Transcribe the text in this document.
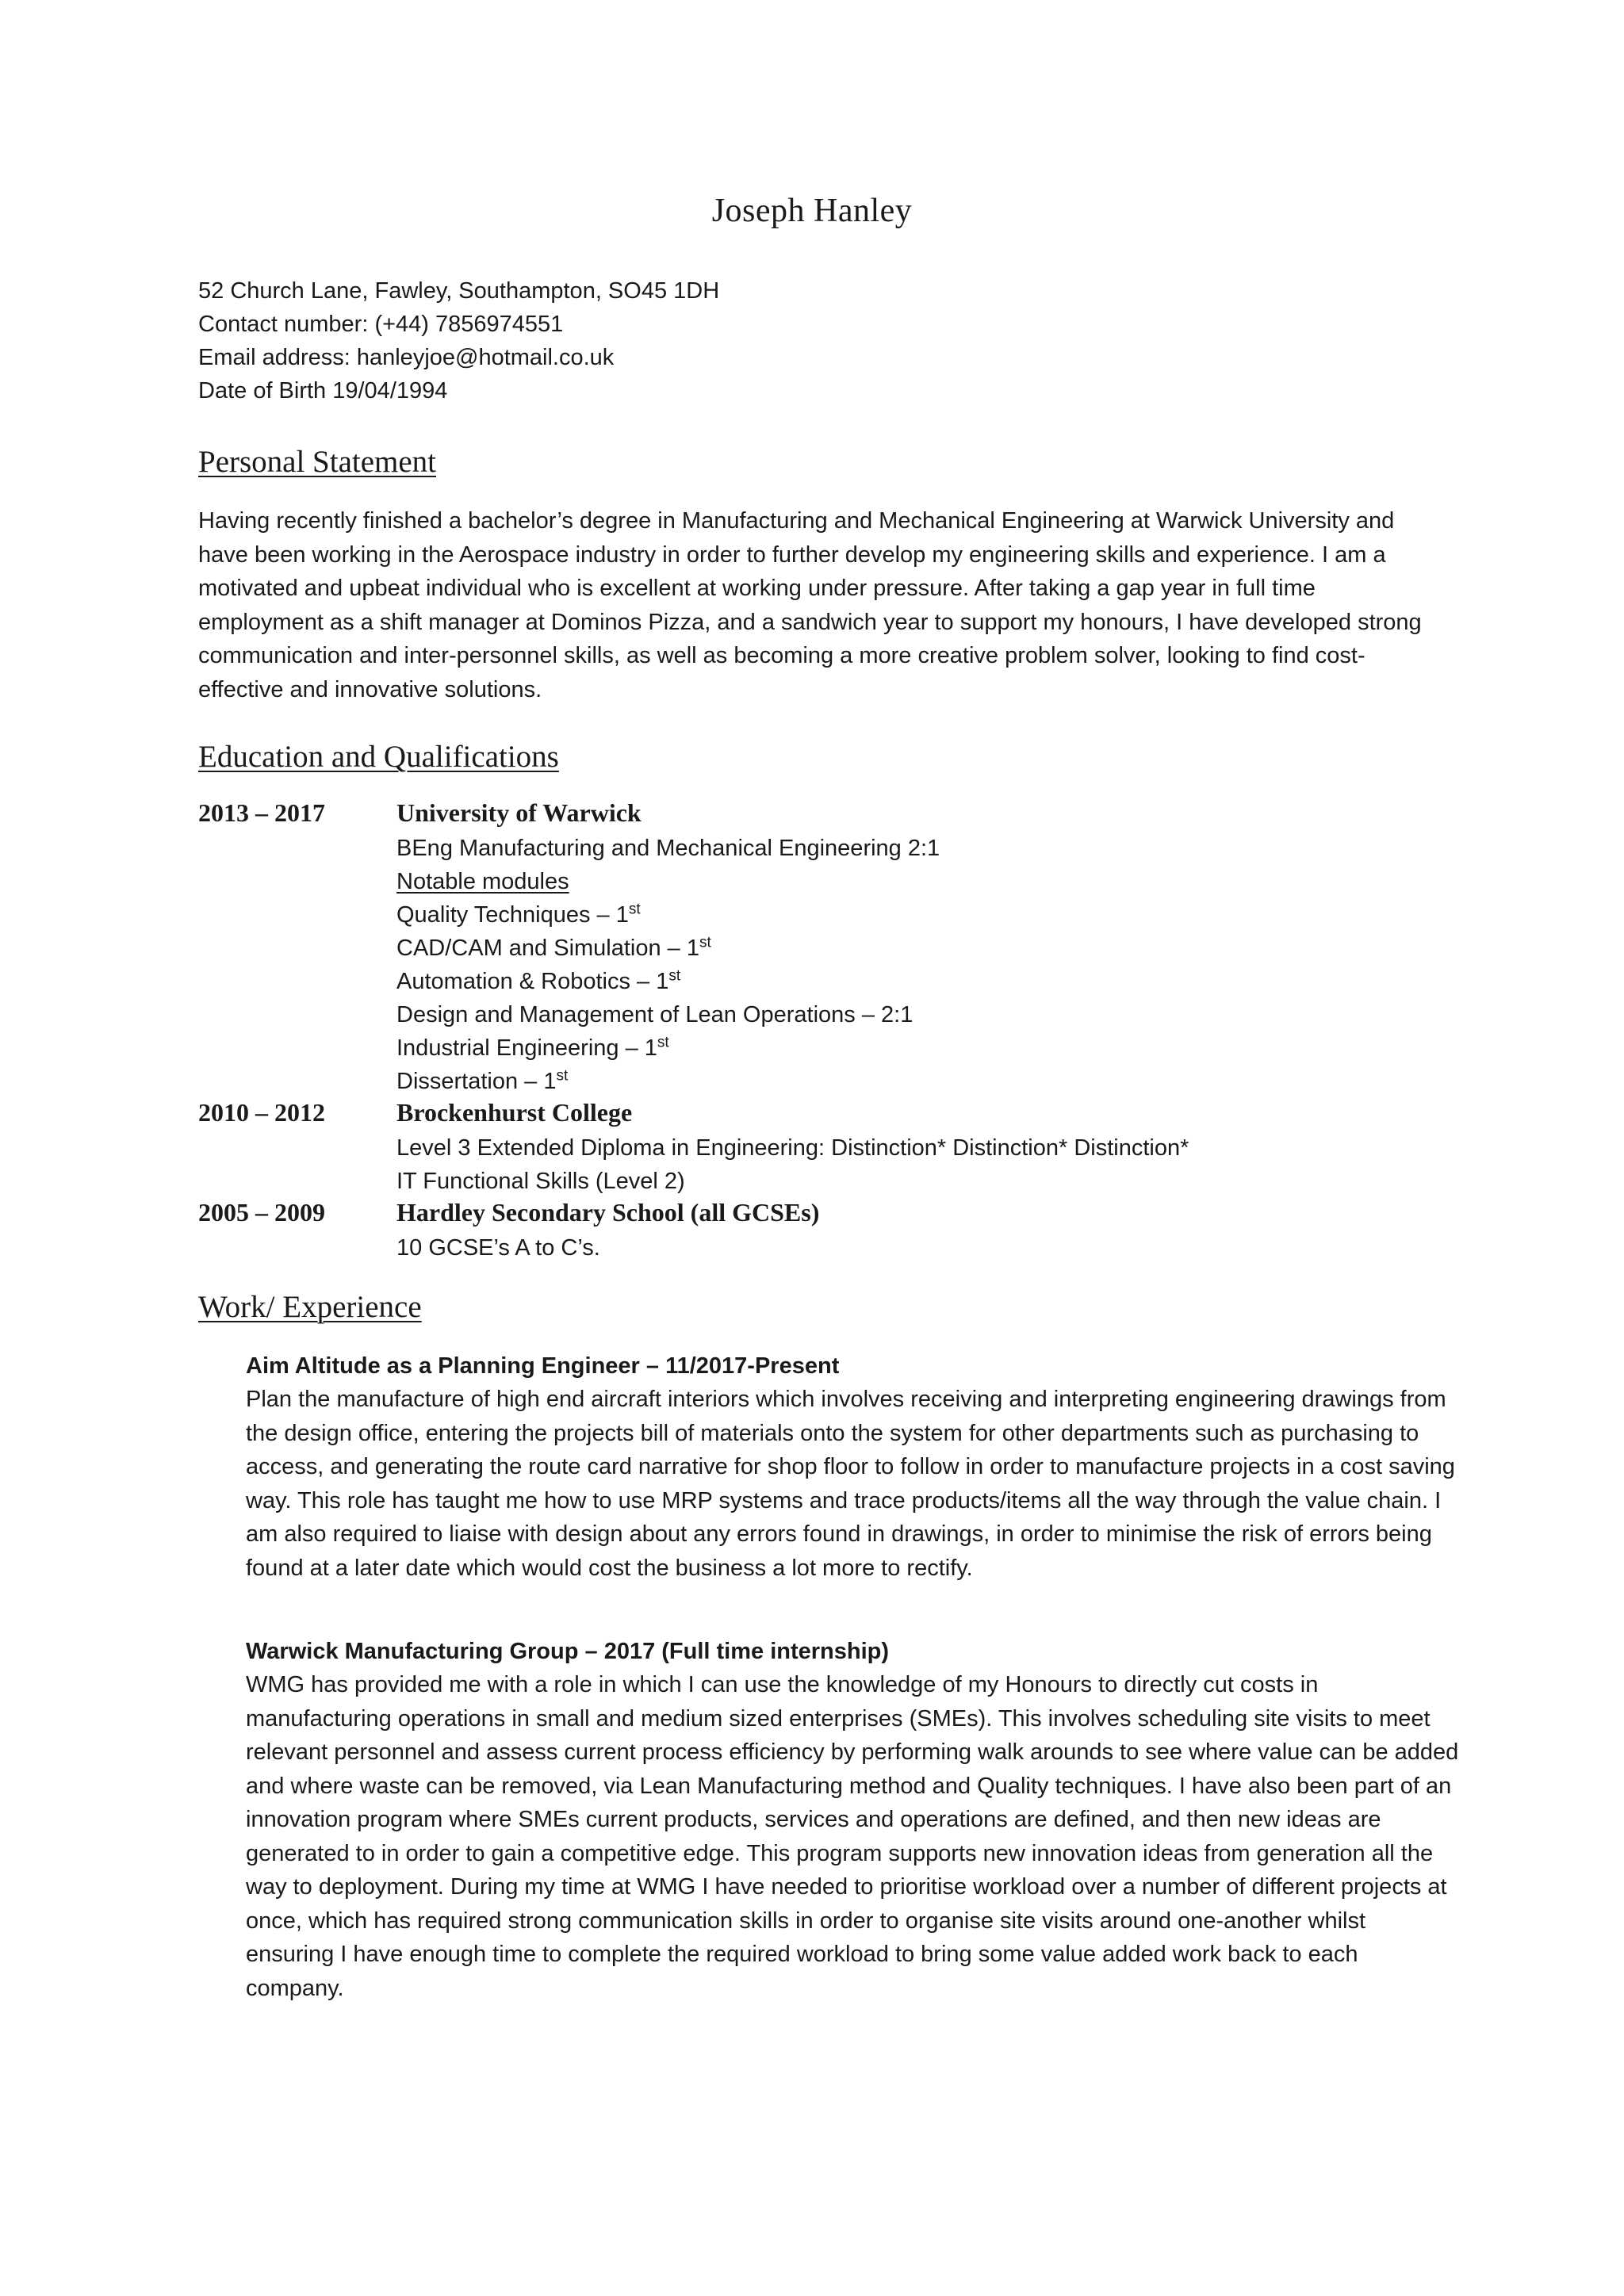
Joseph Hanley
52 Church Lane, Fawley, Southampton, SO45 1DH
Contact number: (+44) 7856974551
Email address: hanleyjoe@hotmail.co.uk
Date of Birth 19/04/1994
Personal Statement

Having recently finished a bachelor’s degree in Manufacturing and Mechanical Engineering at Warwick University and have been working in the Aerospace industry in order to further develop my engineering skills and experience. I am a motivated and upbeat individual who is excellent at working under pressure. After taking a gap year in full time employment as a shift manager at Dominos Pizza, and a sandwich year to support my honours, I have developed strong communication and inter-personnel skills, as well as becoming a more creative problem solver, looking to find cost-effective and innovative solutions.

Education and Qualifications
2013 – 2017	University of Warwick
BEng Manufacturing and Mechanical Engineering 2:1
Notable modules
Quality Techniques – 1st
CAD/CAM and Simulation – 1st
Automation & Robotics – 1st
Design and Management of Lean Operations – 2:1
Industrial Engineering – 1st
Dissertation – 1st
2010 – 2012	Brockenhurst College
Level 3 Extended Diploma in Engineering: Distinction* Distinction* Distinction*
IT Functional Skills (Level 2)
2005 – 2009	Hardley Secondary School (all GCSEs)
10 GCSE’s A to C’s.
Work/ Experience
Aim Altitude as a Planning Engineer – 11/2017-Present

Plan the manufacture of high end aircraft interiors which involves receiving and interpreting engineering drawings from the design office, entering the projects bill of materials onto the system for other departments such as purchasing to access, and generating the route card narrative for shop floor to follow in order to manufacture projects in a cost saving way. This role has taught me how to use MRP systems and trace products/items all the way through the value chain. I am also required to liaise with design about any errors found in drawings, in order to minimise the risk of errors being found at a later date which would cost the business a lot more to rectify.

Warwick Manufacturing Group – 2017 (Full time internship)

WMG has provided me with a role in which I can use the knowledge of my Honours to directly cut costs in manufacturing operations in small and medium sized enterprises (SMEs). This involves scheduling site visits to meet relevant personnel and assess current process efficiency by performing walk arounds to see where value can be added and where waste can be removed, via Lean Manufacturing method and Quality techniques. I have also been part of an innovation program where SMEs current products, services and operations are defined, and then new ideas are generated to in order to gain a competitive edge. This program supports new innovation ideas from generation all the way to deployment. During my time at WMG I have needed to prioritise workload over a number of different projects at once, which has required strong communication skills in order to organise site visits around one-another whilst ensuring I have enough time to complete the required workload to bring some value added work back to each company.
